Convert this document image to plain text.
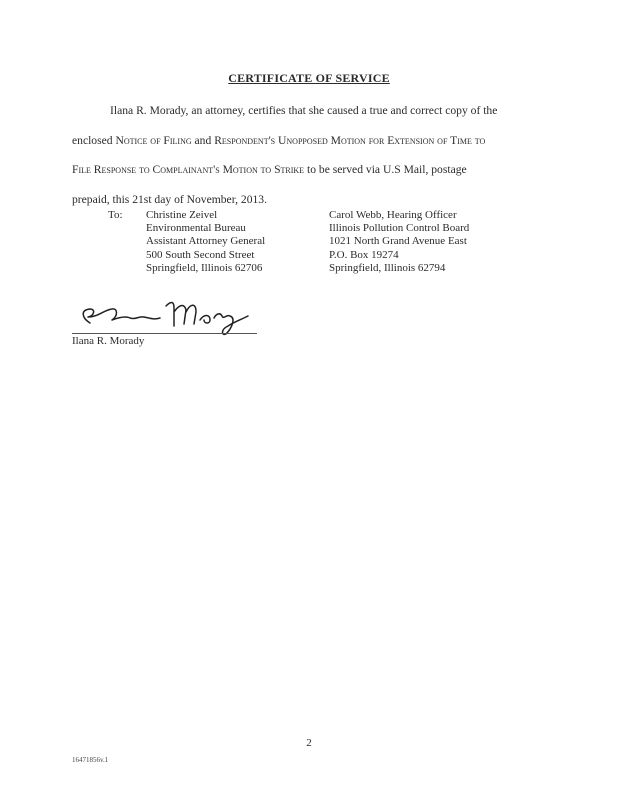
CERTIFICATE OF SERVICE

Ilana R. Morady, an attorney, certifies that she caused a true and correct copy of the

enclosed Notice of Filing and Respondent's Unopposed Motion for Extension of Time to

File Response to Complainant's Motion to Strike to be served via U.S Mail, postage

prepaid, this 21st day of November, 2013.

To: Christine Zeivel
Environmental Bureau
Assistant Attorney General
500 South Second Street
Springfield, Illinois 62706
Carol Webb, Hearing Officer
Illinois Pollution Control Board
1021 North Grand Avenue East
P.O. Box 19274
Springfield, Illinois 62794
Ilana R. Morady
2
16471856v.1
